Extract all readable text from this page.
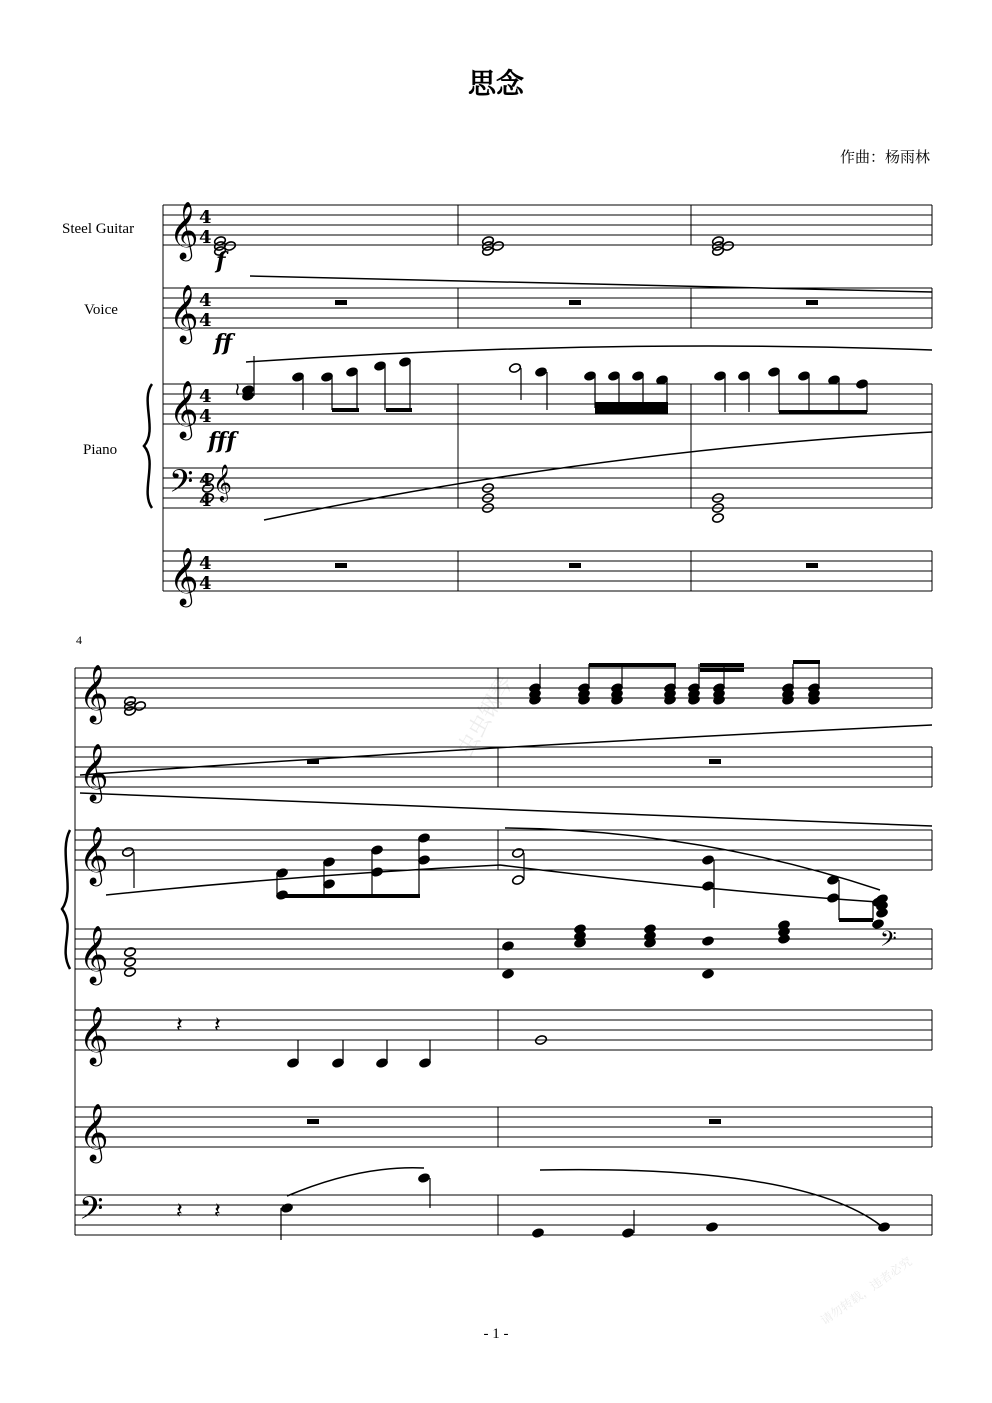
思念
作曲：杨雨林
Steel Guitar
Voice
Piano
4
虫虫钢琴
请勿转载，违者必究
- 1 -
𝄞 4
4
𝄞 4
4
𝄞 4
4
𝄢 4
4
𝄞 4
4
𝄞
f
ff
fff
≀
𝄞
𝄞
𝄞
𝄞
𝄞
𝄞
𝄢
𝄢
𝄽 𝄽
𝄽 𝄽
